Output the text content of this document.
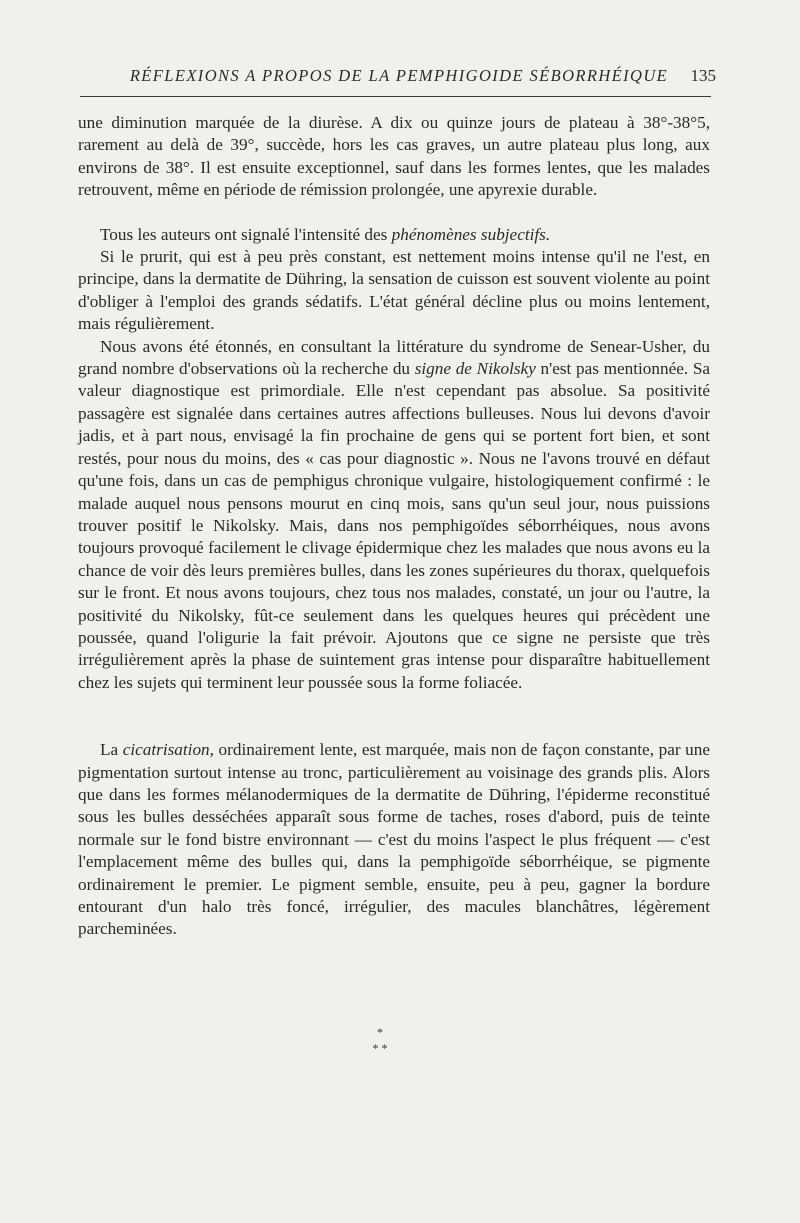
RÉFLEXIONS A PROPOS DE LA PEMPHIGOIDE SÉBORRHÉIQUE	135

une diminution marquée de la diurèse. A dix ou quinze jours de plateau à 38°-38°5, rarement au delà de 39°, succède, hors les cas graves, un autre plateau plus long, aux environs de 38°. Il est ensuite exceptionnel, sauf dans les formes lentes, que les malades retrouvent, même en période de rémission prolongée, une apyrexie durable.

Tous les auteurs ont signalé l'intensité des phénomènes subjectifs.

Si le prurit, qui est à peu près constant, est nettement moins intense qu'il ne l'est, en principe, dans la dermatite de Dühring, la sensation de cuisson est souvent violente au point d'obliger à l'emploi des grands sédatifs. L'état général décline plus ou moins lentement, mais régulièrement.

Nous avons été étonnés, en consultant la littérature du syndrome de Senear-Usher, du grand nombre d'observations où la recherche du signe de Nikolsky n'est pas mentionnée. Sa valeur diagnostique est primordiale. Elle n'est cependant pas absolue. Sa positivité passagère est signalée dans certaines autres affections bulleuses. Nous lui devons d'avoir jadis, et à part nous, envisagé la fin prochaine de gens qui se portent fort bien, et sont restés, pour nous du moins, des « cas pour diagnostic ». Nous ne l'avons trouvé en défaut qu'une fois, dans un cas de pemphigus chronique vulgaire, histologiquement confirmé : le malade auquel nous pensons mourut en cinq mois, sans qu'un seul jour, nous puissions trouver positif le Nikolsky. Mais, dans nos pemphigoïdes séborrhéiques, nous avons toujours provoqué facilement le clivage épidermique chez les malades que nous avons eu la chance de voir dès leurs premières bulles, dans les zones supérieures du thorax, quelquefois sur le front. Et nous avons toujours, chez tous nos malades, constaté, un jour ou l'autre, la positivité du Nikolsky, fût-ce seulement dans les quelques heures qui précèdent une poussée, quand l'oligurie la fait prévoir. Ajoutons que ce signe ne persiste que très irrégulièrement après la phase de suintement gras intense pour disparaître habituellement chez les sujets qui terminent leur poussée sous la forme foliacée.

La cicatrisation, ordinairement lente, est marquée, mais non de façon constante, par une pigmentation surtout intense au tronc, particulièrement au voisinage des grands plis. Alors que dans les formes mélanodermiques de la dermatite de Dühring, l'épiderme reconstitué sous les bulles desséchées apparaît sous forme de taches, roses d'abord, puis de teinte normale sur le fond bistre environnant — c'est du moins l'aspect le plus fréquent — c'est l'emplacement même des bulles qui, dans la pemphigoïde séborrhéique, se pigmente ordinairement le premier. Le pigment semble, ensuite, peu à peu, gagner la bordure entourant d'un halo très foncé, irrégulier, des macules blanchâtres, légèrement parcheminées.

*
* *
